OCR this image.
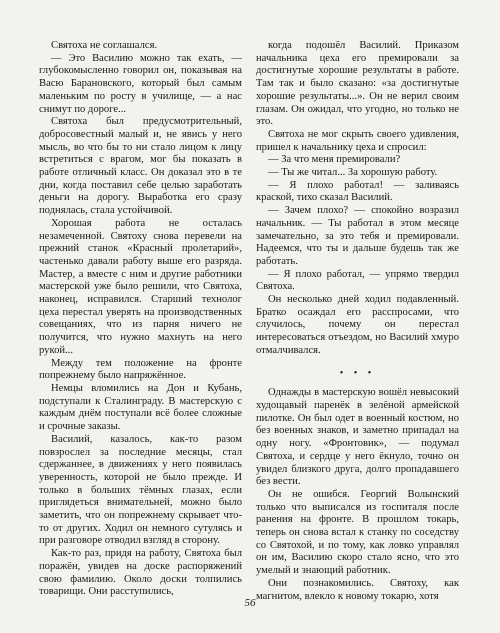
Святоха не соглашался.

— Это Василию можно так ехать, — глубокомысленно говорил он, показывая на Васю Барановского, который был самым маленьким по росту в училище, — а нас снимут по дороге...

Святоха был предусмотрительный, добросовестный малый и, не явись у него мысль, во что бы то ни стало лицом к лицу встретиться с врагом, мог бы показать в работе отличный класс. Он доказал это в те дни, когда поставил себе целью заработать деньги на дорогу. Выработка его сразу поднялась, стала устойчивой.

Хорошая работа не осталась незамеченной. Святоху снова перевели на прежний станок «Красный пролетарий», частенько давали работу выше его разряда. Мастер, а вместе с ним и другие работники мастерской уже было решили, что Святоха, наконец, исправился. Старший технолог цеха перестал уверять на производственных совещаниях, что из парня ничего не получится, что нужно махнуть на него рукой...

Между тем положение на фронте попрежнему было напряжённое.

Немцы вломились на Дон и Кубань, подступали к Сталинграду. В мастерскую с каждым днём поступали всё более сложные и срочные заказы.

Василий, казалось, как-то разом повзрослел за последние месяцы, стал сдержаннее, в движениях у него появилась уверенность, которой не было прежде. И только в больших тёмных глазах, если приглядеться внимательней, можно было заметить, что он попрежнему скрывает что-то от других. Ходил он немного сутулясь и при разговоре отводил взгляд в сторону.

Как-то раз, придя на работу, Святоха был поражён, увидев на доске распоряжений свою фамилию. Около доски толпились товарищи. Они расступились,

когда подошёл Василий. Приказом начальника цеха его премировали за достигнутые хорошие результаты в работе. Там так и было сказано: «за достигнутые хорошие результаты...». Он не верил своим глазам. Он ожидал, что угодно, но только не это.

Святоха не мог скрыть своего удивления, пришел к начальнику цеха и спросил:

— За что меня премировали?

— Ты же читал... За хорошую работу.

— Я плохо работал! — заливаясь краской, тихо сказал Василий.

— Зачем плохо? — спокойно возразил начальник. — Ты работал в этом месяце замечательно, за это тебя и премировали. Надеемся, что ты и дальше будешь так же работать.

— Я плохо работал, — упрямо твердил Святоха.

Он несколько дней ходил подавленный. Братко осаждал его расспросами, что случилось, почему он перестал интересоваться отъездом, но Василий хмуро отмалчивался.

• • •

Однажды в мастерскую вошёл невысокий худощавый паренёк в зелёной армейской пилотке. Он был одет в военный костюм, но без военных знаков, и заметно припадал на одну ногу. «Фронтовик», — подумал Святоха, и сердце у него ёкнуло, точно он увидел близкого друга, долго пропадавшего без вести.

Он не ошибся. Георгий Волынский только что выписался из госпиталя после ранения на фронте. В прошлом токарь, теперь он снова встал к станку по соседству со Святохой, и по тому, как ловко управлял он им, Василию скоро стало ясно, что это умелый и знающий работник.

Они познакомились. Святоху, как магнитом, влекло к новому токарю, хотя

56
